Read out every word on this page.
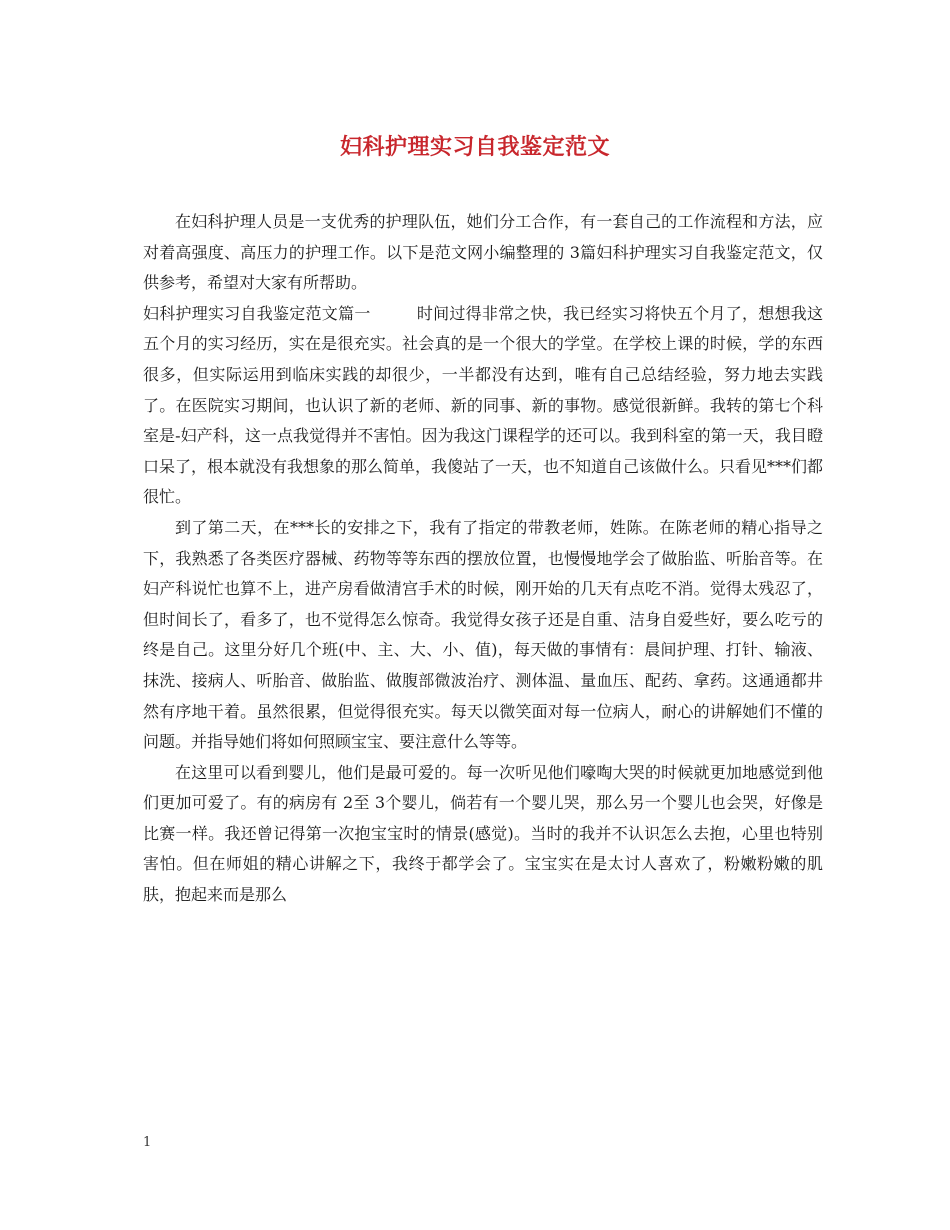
妇科护理实习自我鉴定范文

在妇科护理人员是一支优秀的护理队伍，她们分工合作，有一套自己的工作流程和方法，应对着高强度、高压力的护理工作。以下是范文网小编整理的 3篇妇科护理实习自我鉴定范文，仅供参考，希望对大家有所帮助。

妇科护理实习自我鉴定范文篇一	时间过得非常之快，我已经实习将快五个月了，想想我这五个月的实习经历，实在是很充实。社会真的是一个很大的学堂。在学校上课的时候，学的东西很多，但实际运用到临床实践的却很少，一半都没有达到，唯有自己总结经验，努力地去实践了。在医院实习期间，也认识了新的老师、新的同事、新的事物。感觉很新鲜。我转的第七个科室是-妇产科，这一点我觉得并不害怕。因为我这门课程学的还可以。我到科室的第一天，我目瞪口呆了，根本就没有我想象的那么简单，我傻站了一天，也不知道自己该做什么。只看见***们都很忙。

到了第二天，在***长的安排之下，我有了指定的带教老师，姓陈。在陈老师的精心指导之下，我熟悉了各类医疗器械、药物等等东西的摆放位置，也慢慢地学会了做胎监、听胎音等。在妇产科说忙也算不上，进产房看做清宫手术的时候，刚开始的几天有点吃不消。觉得太残忍了，但时间长了，看多了，也不觉得怎么惊奇。我觉得女孩子还是自重、洁身自爱些好，要么吃亏的终是自己。这里分好几个班(中、主、大、小、值)，每天做的事情有：晨间护理、打针、输液、抹洗、接病人、听胎音、做胎监、做腹部微波治疗、测体温、量血压、配药、拿药。这通通都井然有序地干着。虽然很累，但觉得很充实。每天以微笑面对每一位病人，耐心的讲解她们不懂的问题。并指导她们将如何照顾宝宝、要注意什么等等。

在这里可以看到婴儿，他们是最可爱的。每一次听见他们嚎啕大哭的时候就更加地感觉到他们更加可爱了。有的病房有 2至 3个婴儿，倘若有一个婴儿哭，那么另一个婴儿也会哭，好像是比赛一样。我还曾记得第一次抱宝宝时的情景(感觉)。当时的我并不认识怎么去抱，心里也特别害怕。但在师姐的精心讲解之下，我终于都学会了。宝宝实在是太讨人喜欢了，粉嫩粉嫩的肌肤，抱起来而是那么

1
